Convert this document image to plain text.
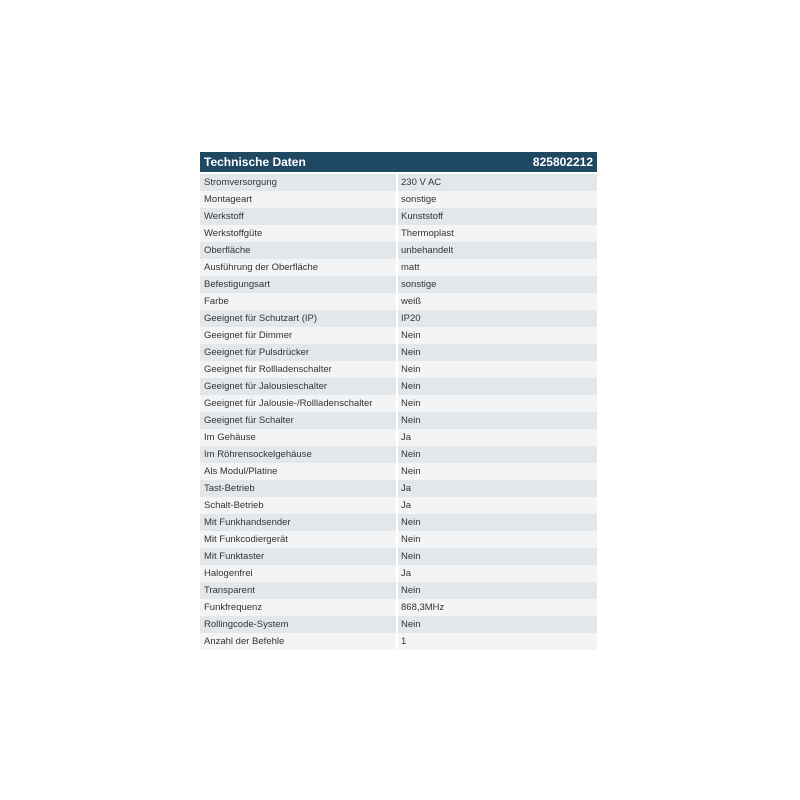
Technische Daten	825802212
Stromversorgung	230 V AC
Montageart	sonstige
Werkstoff	Kunststoff
Werkstoffgüte	Thermoplast
Oberfläche	unbehandelt
Ausführung der Oberfläche	matt
Befestigungsart	sonstige
Farbe	weiß
Geeignet für Schutzart (IP)	IP20
Geeignet für Dimmer	Nein
Geeignet für Pulsdrücker	Nein
Geeignet für Rollladenschalter	Nein
Geeignet für Jalousieschalter	Nein
Geeignet für Jalousie-/Rollladenschalter	Nein
Geeignet für Schalter	Nein
Im Gehäuse	Ja
Im Röhrensockelgehäuse	Nein
Als Modul/Platine	Nein
Tast-Betrieb	Ja
Schalt-Betrieb	Ja
Mit Funkhandsender	Nein
Mit Funkcodiergerät	Nein
Mit Funktaster	Nein
Halogenfrei	Ja
Transparent	Nein
Funkfrequenz	868,3MHz
Rollingcode-System	Nein
Anzahl der Befehle	1
